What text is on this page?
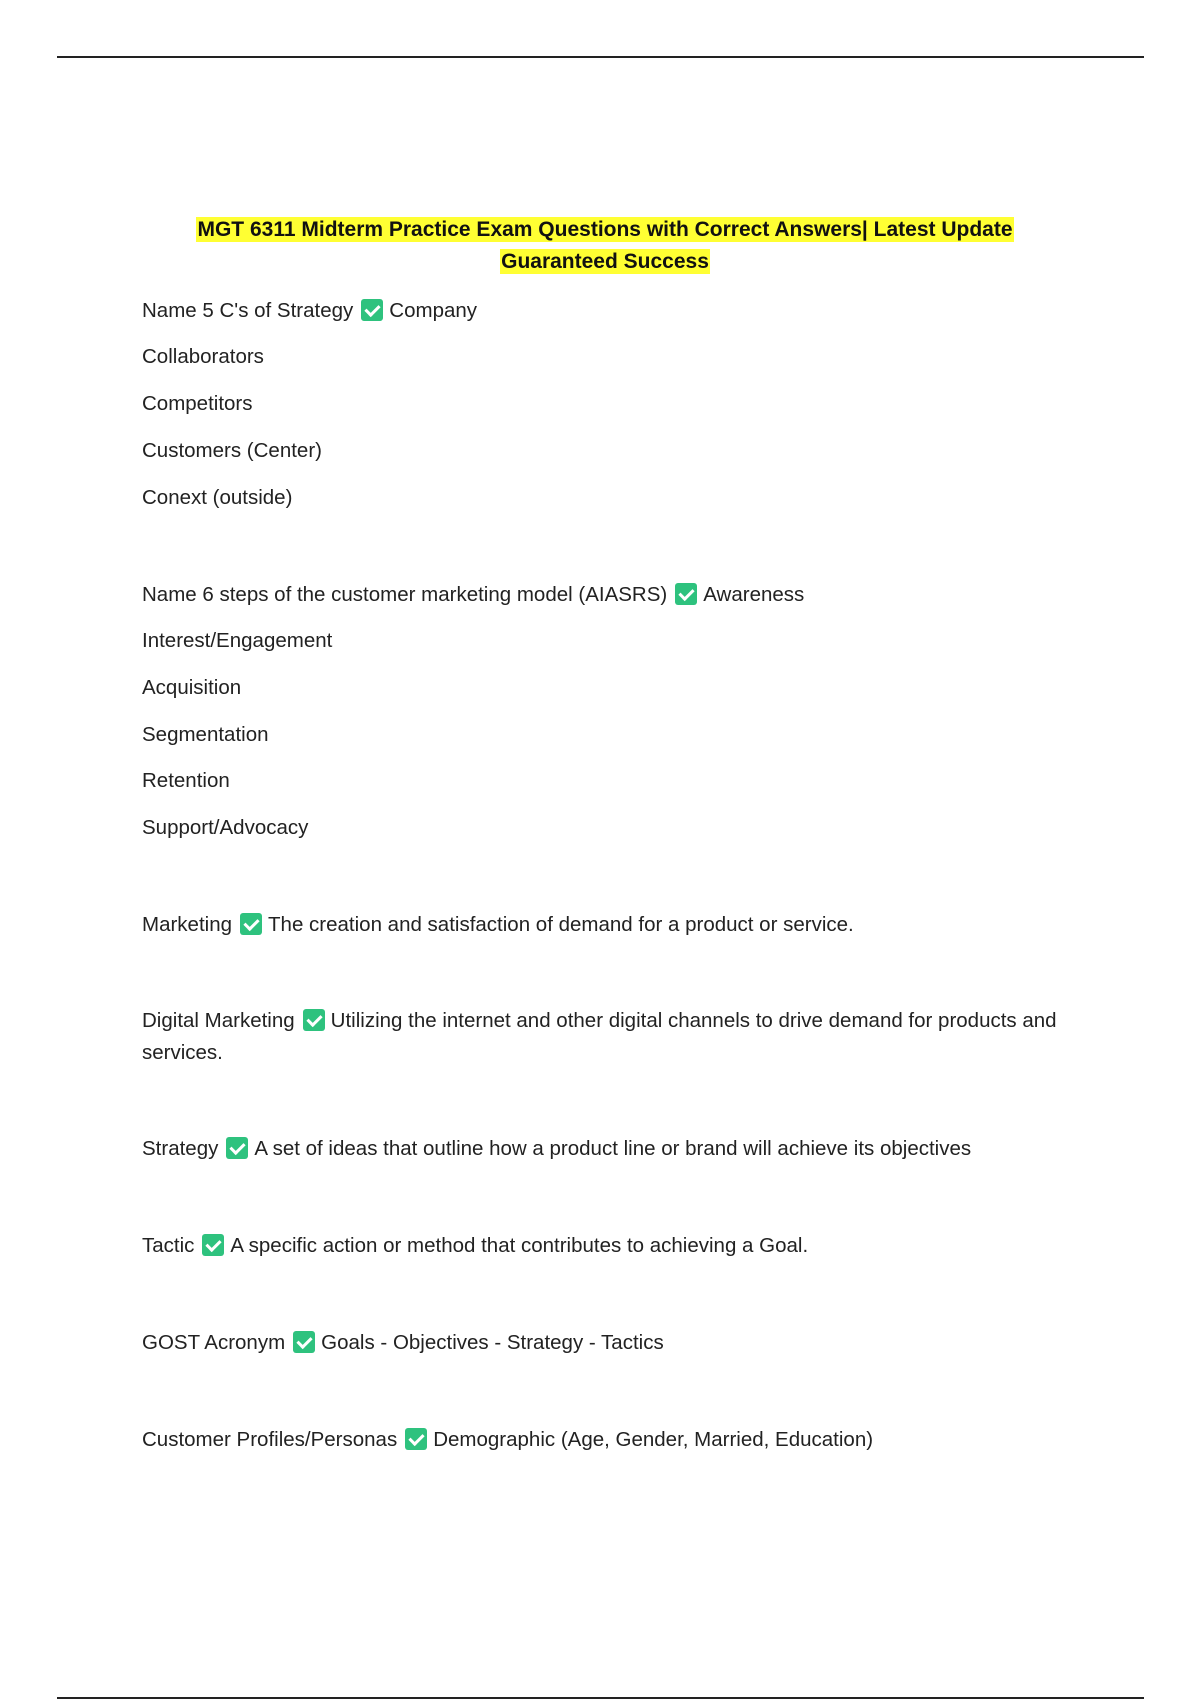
MGT 6311 Midterm Practice Exam Questions with Correct Answers| Latest Update
Guaranteed Success
Name 5 C's of Strategy Company
Collaborators
Competitors
Customers (Center)
Conext (outside)
Name 6 steps of the customer marketing model (AIASRS) Awareness
Interest/Engagement
Acquisition
Segmentation
Retention
Support/Advocacy
Marketing The creation and satisfaction of demand for a product or service.
Digital Marketing Utilizing the internet and other digital channels to drive demand for products and services.
Strategy A set of ideas that outline how a product line or brand will achieve its objectives
Tactic A specific action or method that contributes to achieving a Goal.
GOST Acronym Goals - Objectives - Strategy - Tactics
Customer Profiles/Personas Demographic (Age, Gender, Married, Education)
